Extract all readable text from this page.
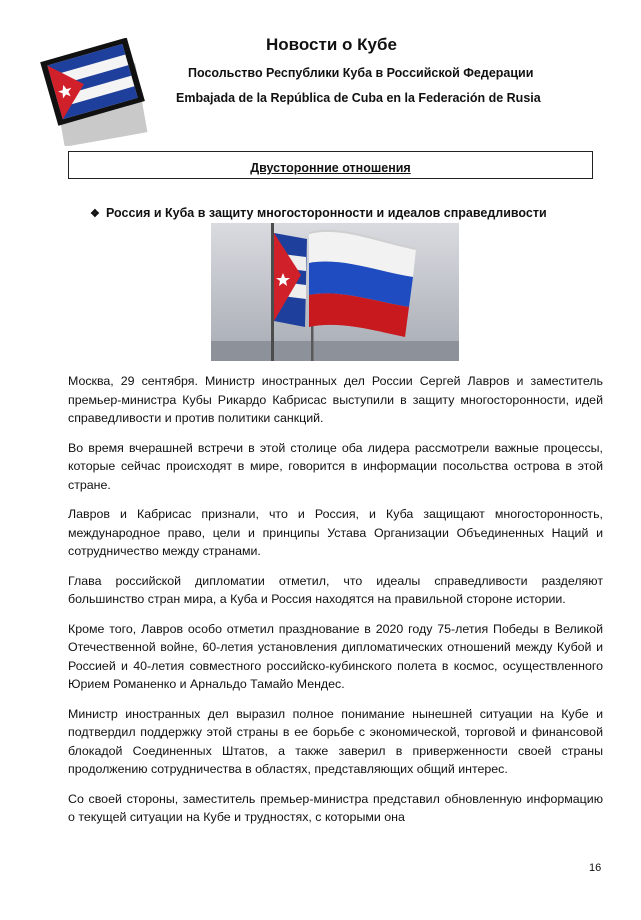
Новости о Кубе
Посольство Республики Куба в Российской Федерации
Embajada de la República de Cuba en la Federación de Rusia
Двусторонние отношения
❖ Россия и Куба в защиту многосторонности и идеалов справедливости

Москва, 29 сентября. Министр иностранных дел России Сергей Лавров и заместитель премьер-министра Кубы Рикардо Кабрисас выступили в защиту многосторонности, идей справедливости и против политики санкций.

Во время вчерашней встречи в этой столице оба лидера рассмотрели важные процессы, которые сейчас происходят в мире, говорится в информации посольства острова в этой стране.

Лавров и Кабрисас признали, что и Россия, и Куба защищают многосторонность, международное право, цели и принципы Устава Организации Объединенных Наций и сотрудничество между странами.

Глава российской дипломатии отметил, что идеалы справедливости разделяют большинство стран мира, а Куба и Россия находятся на правильной стороне истории.

Кроме того, Лавров особо отметил празднование в 2020 году 75-летия Победы в Великой Отечественной войне, 60-летия установления дипломатических отношений между Кубой и Россией и 40-летия совместного российско-кубинского полета в космос, осуществленного Юрием Романенко и Арнальдо Тамайо Мендес.

Министр иностранных дел выразил полное понимание нынешней ситуации на Кубе и подтвердил поддержку этой страны в ее борьбе с экономической, торговой и финансовой блокадой Соединенных Штатов, а также заверил в приверженности своей страны продолжению сотрудничества в областях, представляющих общий интерес.

Со своей стороны, заместитель премьер-министра представил обновленную информацию о текущей ситуации на Кубе и трудностях, с которыми она

16
